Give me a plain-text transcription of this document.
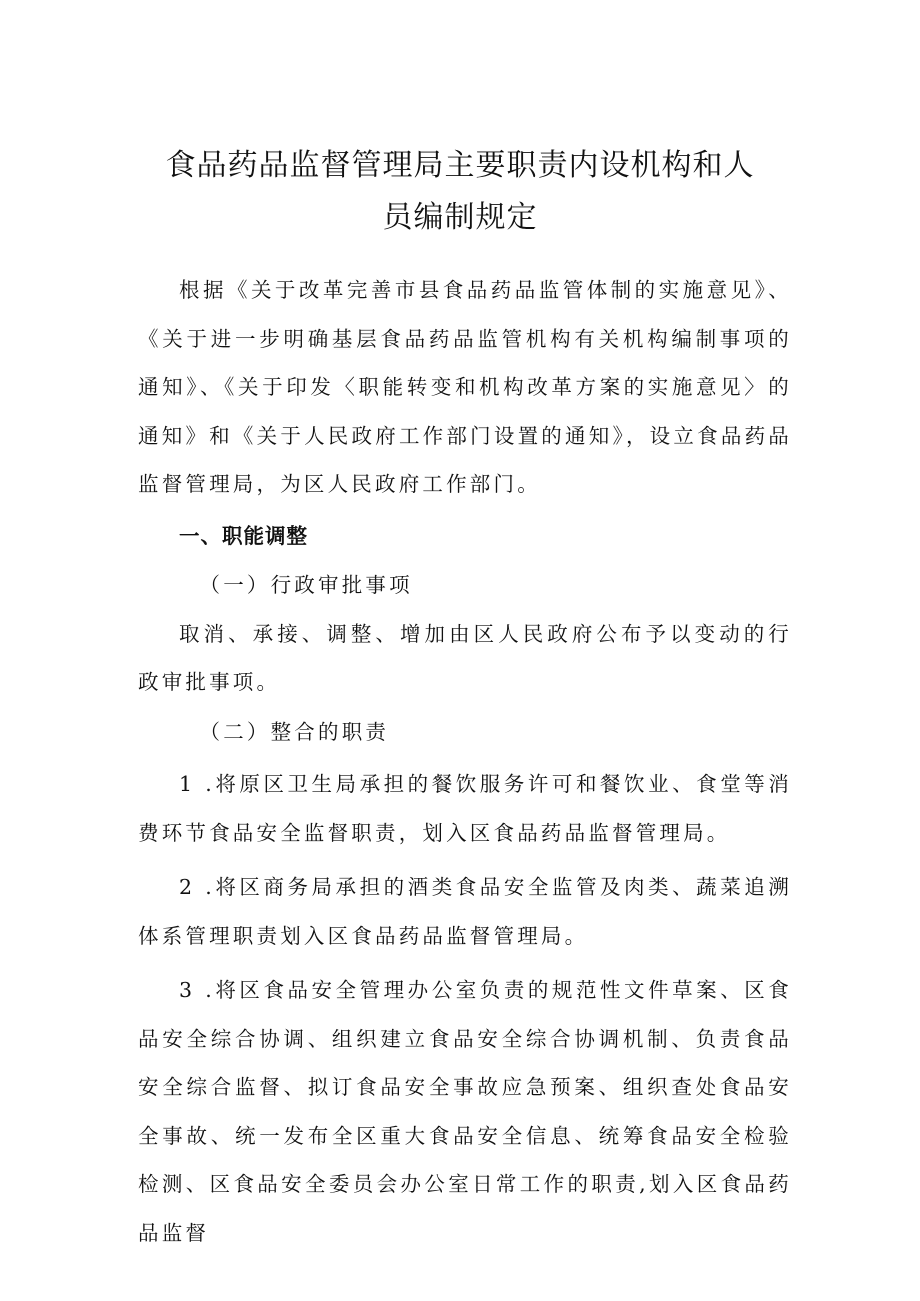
食品药品监督管理局主要职责内设机构和人
员编制规定

根据《关于改革完善市县食品药品监管体制的实施意见》、《关于进一步明确基层食品药品监管机构有关机构编制事项的通知》、《关于印发〈职能转变和机构改革方案的实施意见〉的通知》和《关于人民政府工作部门设置的通知》，设立食品药品监督管理局，为区人民政府工作部门。

一、职能调整

（一）行政审批事项

取消、承接、调整、增加由区人民政府公布予以变动的行政审批事项。

（二）整合的职责

1 .将原区卫生局承担的餐饮服务许可和餐饮业、食堂等消费环节食品安全监督职责，划入区食品药品监督管理局。

2 .将区商务局承担的酒类食品安全监管及肉类、蔬菜追溯体系管理职责划入区食品药品监督管理局。

3 .将区食品安全管理办公室负责的规范性文件草案、区食品安全综合协调、组织建立食品安全综合协调机制、负责食品安全综合监督、拟订食品安全事故应急预案、组织查处食品安全事故、统一发布全区重大食品安全信息、统筹食品安全检验检测、区食品安全委员会办公室日常工作的职责,划入区食品药品监督
